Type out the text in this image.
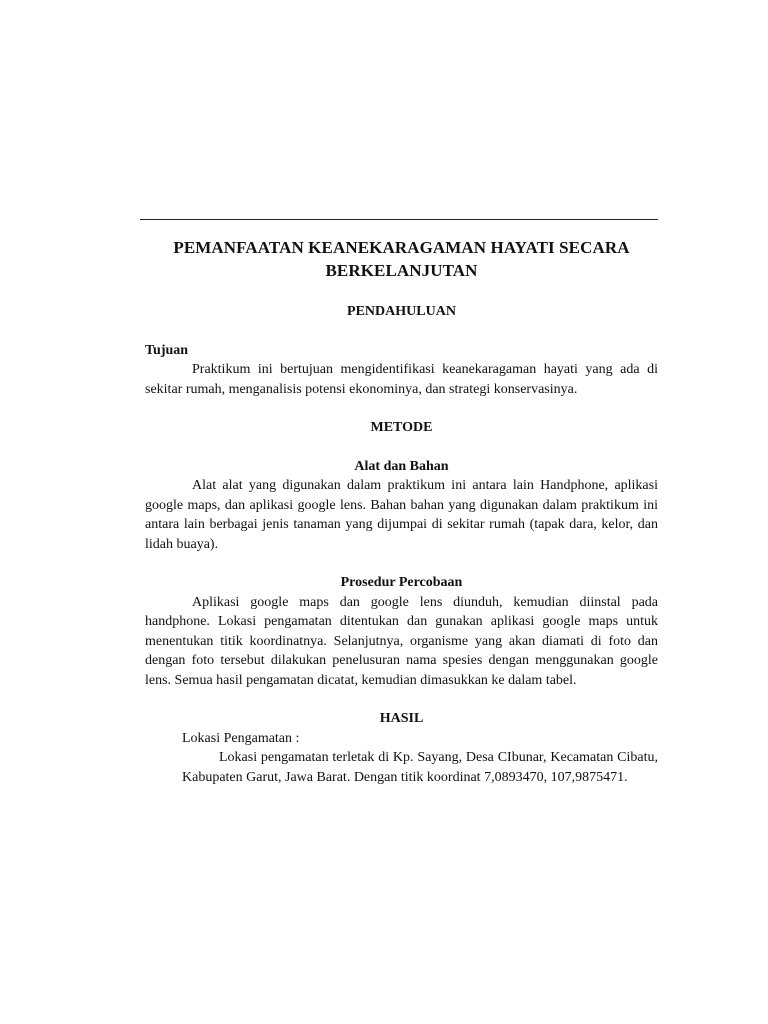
PEMANFAATAN KEANEKARAGAMAN HAYATI SECARA
BERKELANJUTAN
PENDAHULUAN
Tujuan

Praktikum ini bertujuan mengidentifikasi keanekaragaman hayati yang ada di sekitar rumah, menganalisis potensi ekonominya, dan strategi konservasinya.

METODE
Alat dan Bahan

Alat alat yang digunakan dalam praktikum ini antara lain Handphone, aplikasi google maps, dan aplikasi google lens. Bahan bahan yang digunakan dalam praktikum ini antara lain berbagai jenis tanaman yang dijumpai di sekitar rumah (tapak dara, kelor, dan lidah buaya).

Prosedur Percobaan

Aplikasi google maps dan google lens diunduh, kemudian diinstal pada handphone. Lokasi pengamatan ditentukan dan gunakan aplikasi google maps untuk menentukan titik koordinatnya. Selanjutnya, organisme yang akan diamati di foto dan dengan foto tersebut dilakukan penelusuran nama spesies dengan menggunakan google lens. Semua hasil pengamatan dicatat, kemudian dimasukkan ke dalam tabel.

HASIL
Lokasi Pengamatan :

Lokasi pengamatan terletak di Kp. Sayang, Desa CIbunar, Kecamatan Cibatu, Kabupaten Garut, Jawa Barat. Dengan titik koordinat 7,0893470, 107,9875471.
